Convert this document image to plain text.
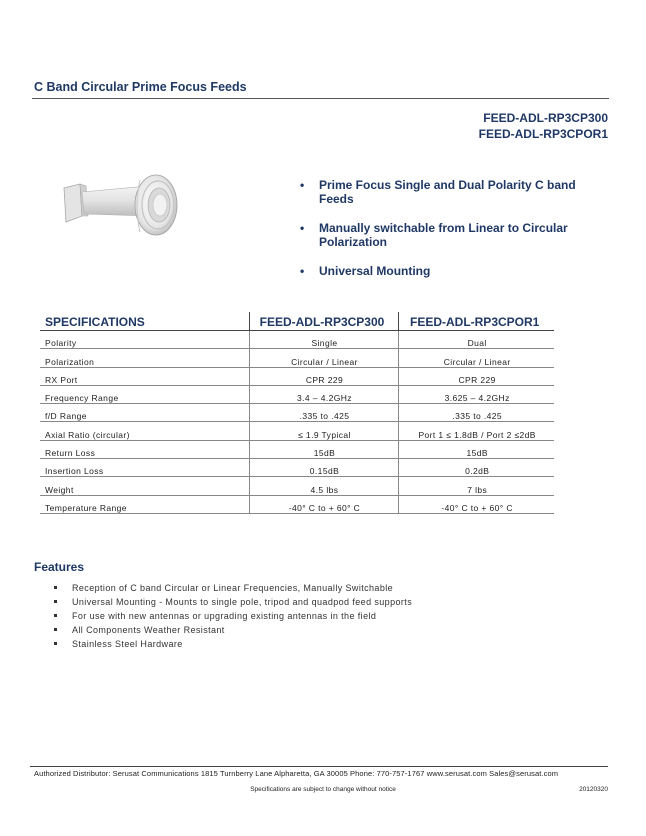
C Band Circular Prime Focus Feeds
FEED-ADL-RP3CP300
FEED-ADL-RP3CPOR1
• Prime Focus Single and Dual Polarity C band Feeds
• Manually switchable from Linear to Circular Polarization
• Universal Mounting
SPECIFICATIONS	FEED-ADL-RP3CP300	FEED-ADL-RP3CPOR1
Polarity	Single	Dual
Polarization	Circular / Linear	Circular / Linear
RX Port	CPR 229	CPR 229
Frequency Range	3.4 – 4.2GHz	3.625 – 4.2GHz
f/D Range	.335 to .425	.335 to .425
Axial Ratio (circular)	≤ 1.9 Typical	Port 1 ≤ 1.8dB / Port 2 ≤2dB
Return Loss	15dB	15dB
Insertion Loss	0.15dB	0.2dB
Weight	4.5 lbs	7 lbs
Temperature Range	-40° C to + 60° C	-40° C to + 60° C
Features
Reception of C band Circular or Linear Frequencies, Manually Switchable
Universal Mounting - Mounts to single pole, tripod and quadpod feed supports
For use with new antennas or upgrading existing antennas in the field
All Components Weather Resistant
Stainless Steel Hardware
Authorized Distributor: Serusat Communications 1815 Turnberry Lane Alpharetta, GA 30005 Phone: 770-757-1767 www.serusat.com Sales@serusat.com
Specifications are subject to change without notice	20120320
